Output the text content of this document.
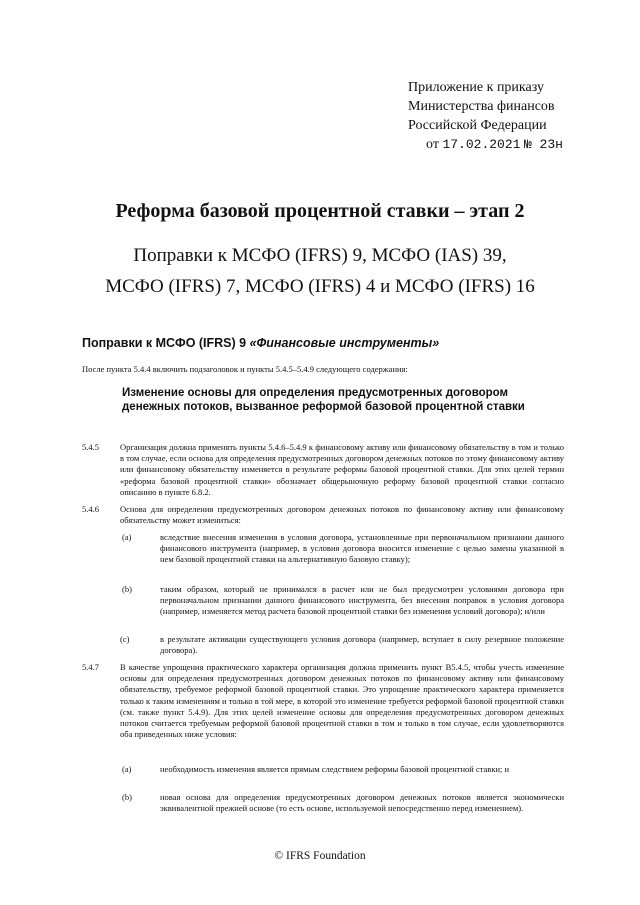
Приложение к приказу
Министерства финансов
Российской Федерации
от 17.02.2021 № 23н
Реформа базовой процентной ставки – этап 2
Поправки к МСФО (IFRS) 9, МСФО (IAS) 39,
МСФО (IFRS) 7, МСФО (IFRS) 4 и МСФО (IFRS) 16
Поправки к МСФО (IFRS) 9 «Финансовые инструменты»
После пункта 5.4.4 включить подзаголовок и пункты 5.4.5–5.4.9 следующего содержания:
Изменение основы для определения предусмотренных договором денежных потоков, вызванное реформой базовой процентной ставки
5.4.5 Организация должна применять пункты 5.4.6–5.4.9 к финансовому активу или финансовому обязательству в том и только в том случае, если основа для определения предусмотренных договором денежных потоков по этому финансовому активу или финансовому обязательству изменяется в результате реформы базовой процентной ставки. Для этих целей термин «реформа базовой процентной ставки» обозначает общерыночную реформу базовой процентной ставки согласно описанию в пункте 6.8.2.
5.4.6 Основа для определения предусмотренных договором денежных потоков по финансовому активу или финансовому обязательству может измениться:
(а)	вследствие внесения изменения в условия договора, установленные при первоначальном признании данного финансового инструмента (например, в условия договора вносится изменение с целью замены указанной в нем базовой процентной ставки на альтернативную базовую ставку);
(b)	таким образом, который не принимался в расчет или не был предусмотрен условиями договора при первоначальном признании данного финансового инструмента, без внесения поправок в условия договора (например, изменяется метод расчета базовой процентной ставки без изменения условий договора); и/или
(с)	в результате активации существующего условия договора (например, вступает в силу резервное положение договора).
5.4.7 В качестве упрощения практического характера организация должна применить пункт B5.4.5, чтобы учесть изменение основы для определения предусмотренных договором денежных потоков по финансовому активу или финансовому обязательству, требуемое реформой базовой процентной ставки. Это упрощение практического характера применяется только к таким изменениям и только в той мере, в которой это изменение требуется реформой базовой процентной ставки (см. также пункт 5.4.9). Для этих целей изменение основы для определения предусмотренных договором денежных потоков считается требуемым реформой базовой процентной ставки в том и только в том случае, если удовлетворяются оба приведенных ниже условия:
(а)	необходимость изменения является прямым следствием реформы базовой процентной ставки; и
(b)	новая основа для определения предусмотренных договором денежных потоков является экономически эквивалентной прежней основе (то есть основе, используемой непосредственно перед изменением).
© IFRS Foundation
